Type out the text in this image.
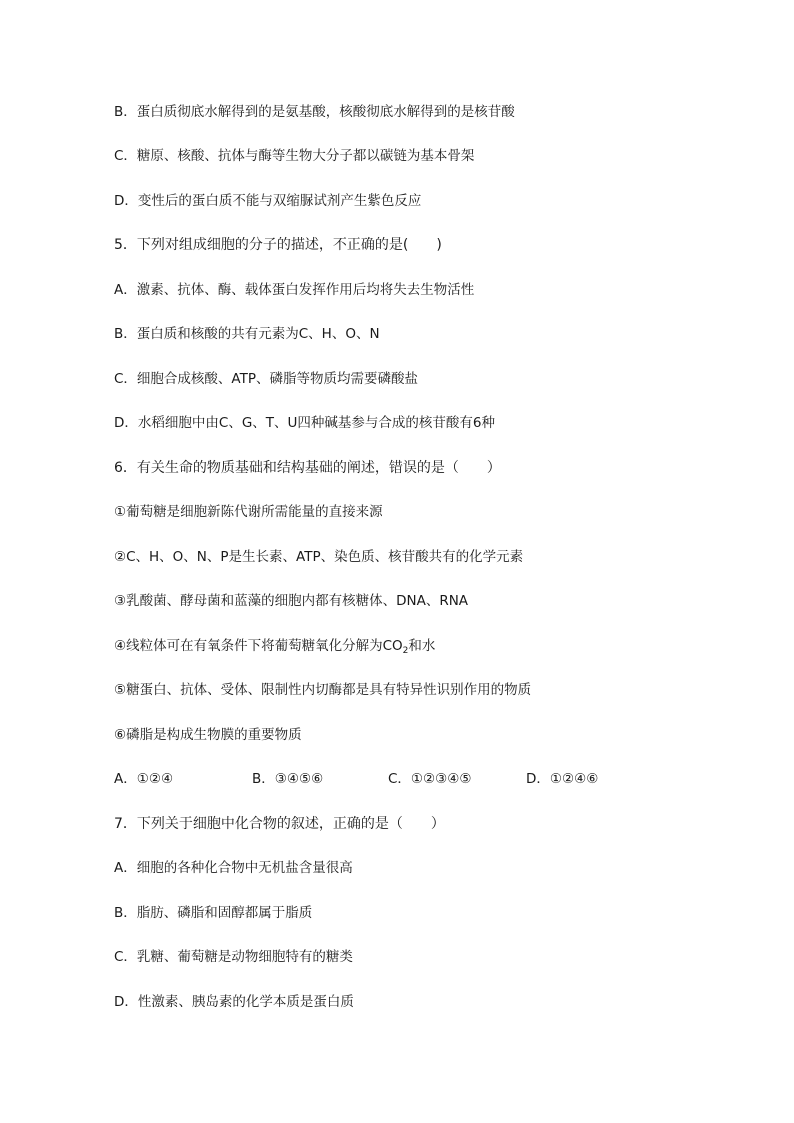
B．蛋白质彻底水解得到的是氨基酸，核酸彻底水解得到的是核苷酸
C．糖原、核酸、抗体与酶等生物大分子都以碳链为基本骨架
D．变性后的蛋白质不能与双缩脲试剂产生紫色反应
5．下列对组成细胞的分子的描述，不正确的是(　　)
A．激素、抗体、酶、载体蛋白发挥作用后均将失去生物活性
B．蛋白质和核酸的共有元素为C、H、O、N
C．细胞合成核酸、ATP、磷脂等物质均需要磷酸盐
D．水稻细胞中由C、G、T、U四种碱基参与合成的核苷酸有6种
6．有关生命的物质基础和结构基础的阐述，错误的是（　　）
①葡萄糖是细胞新陈代谢所需能量的直接来源
②C、H、O、N、P是生长素、ATP、染色质、核苷酸共有的化学元素
③乳酸菌、酵母菌和蓝藻的细胞内都有核糖体、DNA、RNA
④线粒体可在有氧条件下将葡萄糖氧化分解为$CO_2$和水
⑤糖蛋白、抗体、受体、限制性内切酶都是具有特异性识别作用的物质
⑥磷脂是构成生物膜的重要物质
A．①②④	B．③④⑤⑥	C．①②③④⑤	D．①②④⑥
7．下列关于细胞中化合物的叙述，正确的是（　　）
A．细胞的各种化合物中无机盐含量很高
B．脂肪、磷脂和固醇都属于脂质
C．乳糖、葡萄糖是动物细胞特有的糖类
D．性激素、胰岛素的化学本质是蛋白质
